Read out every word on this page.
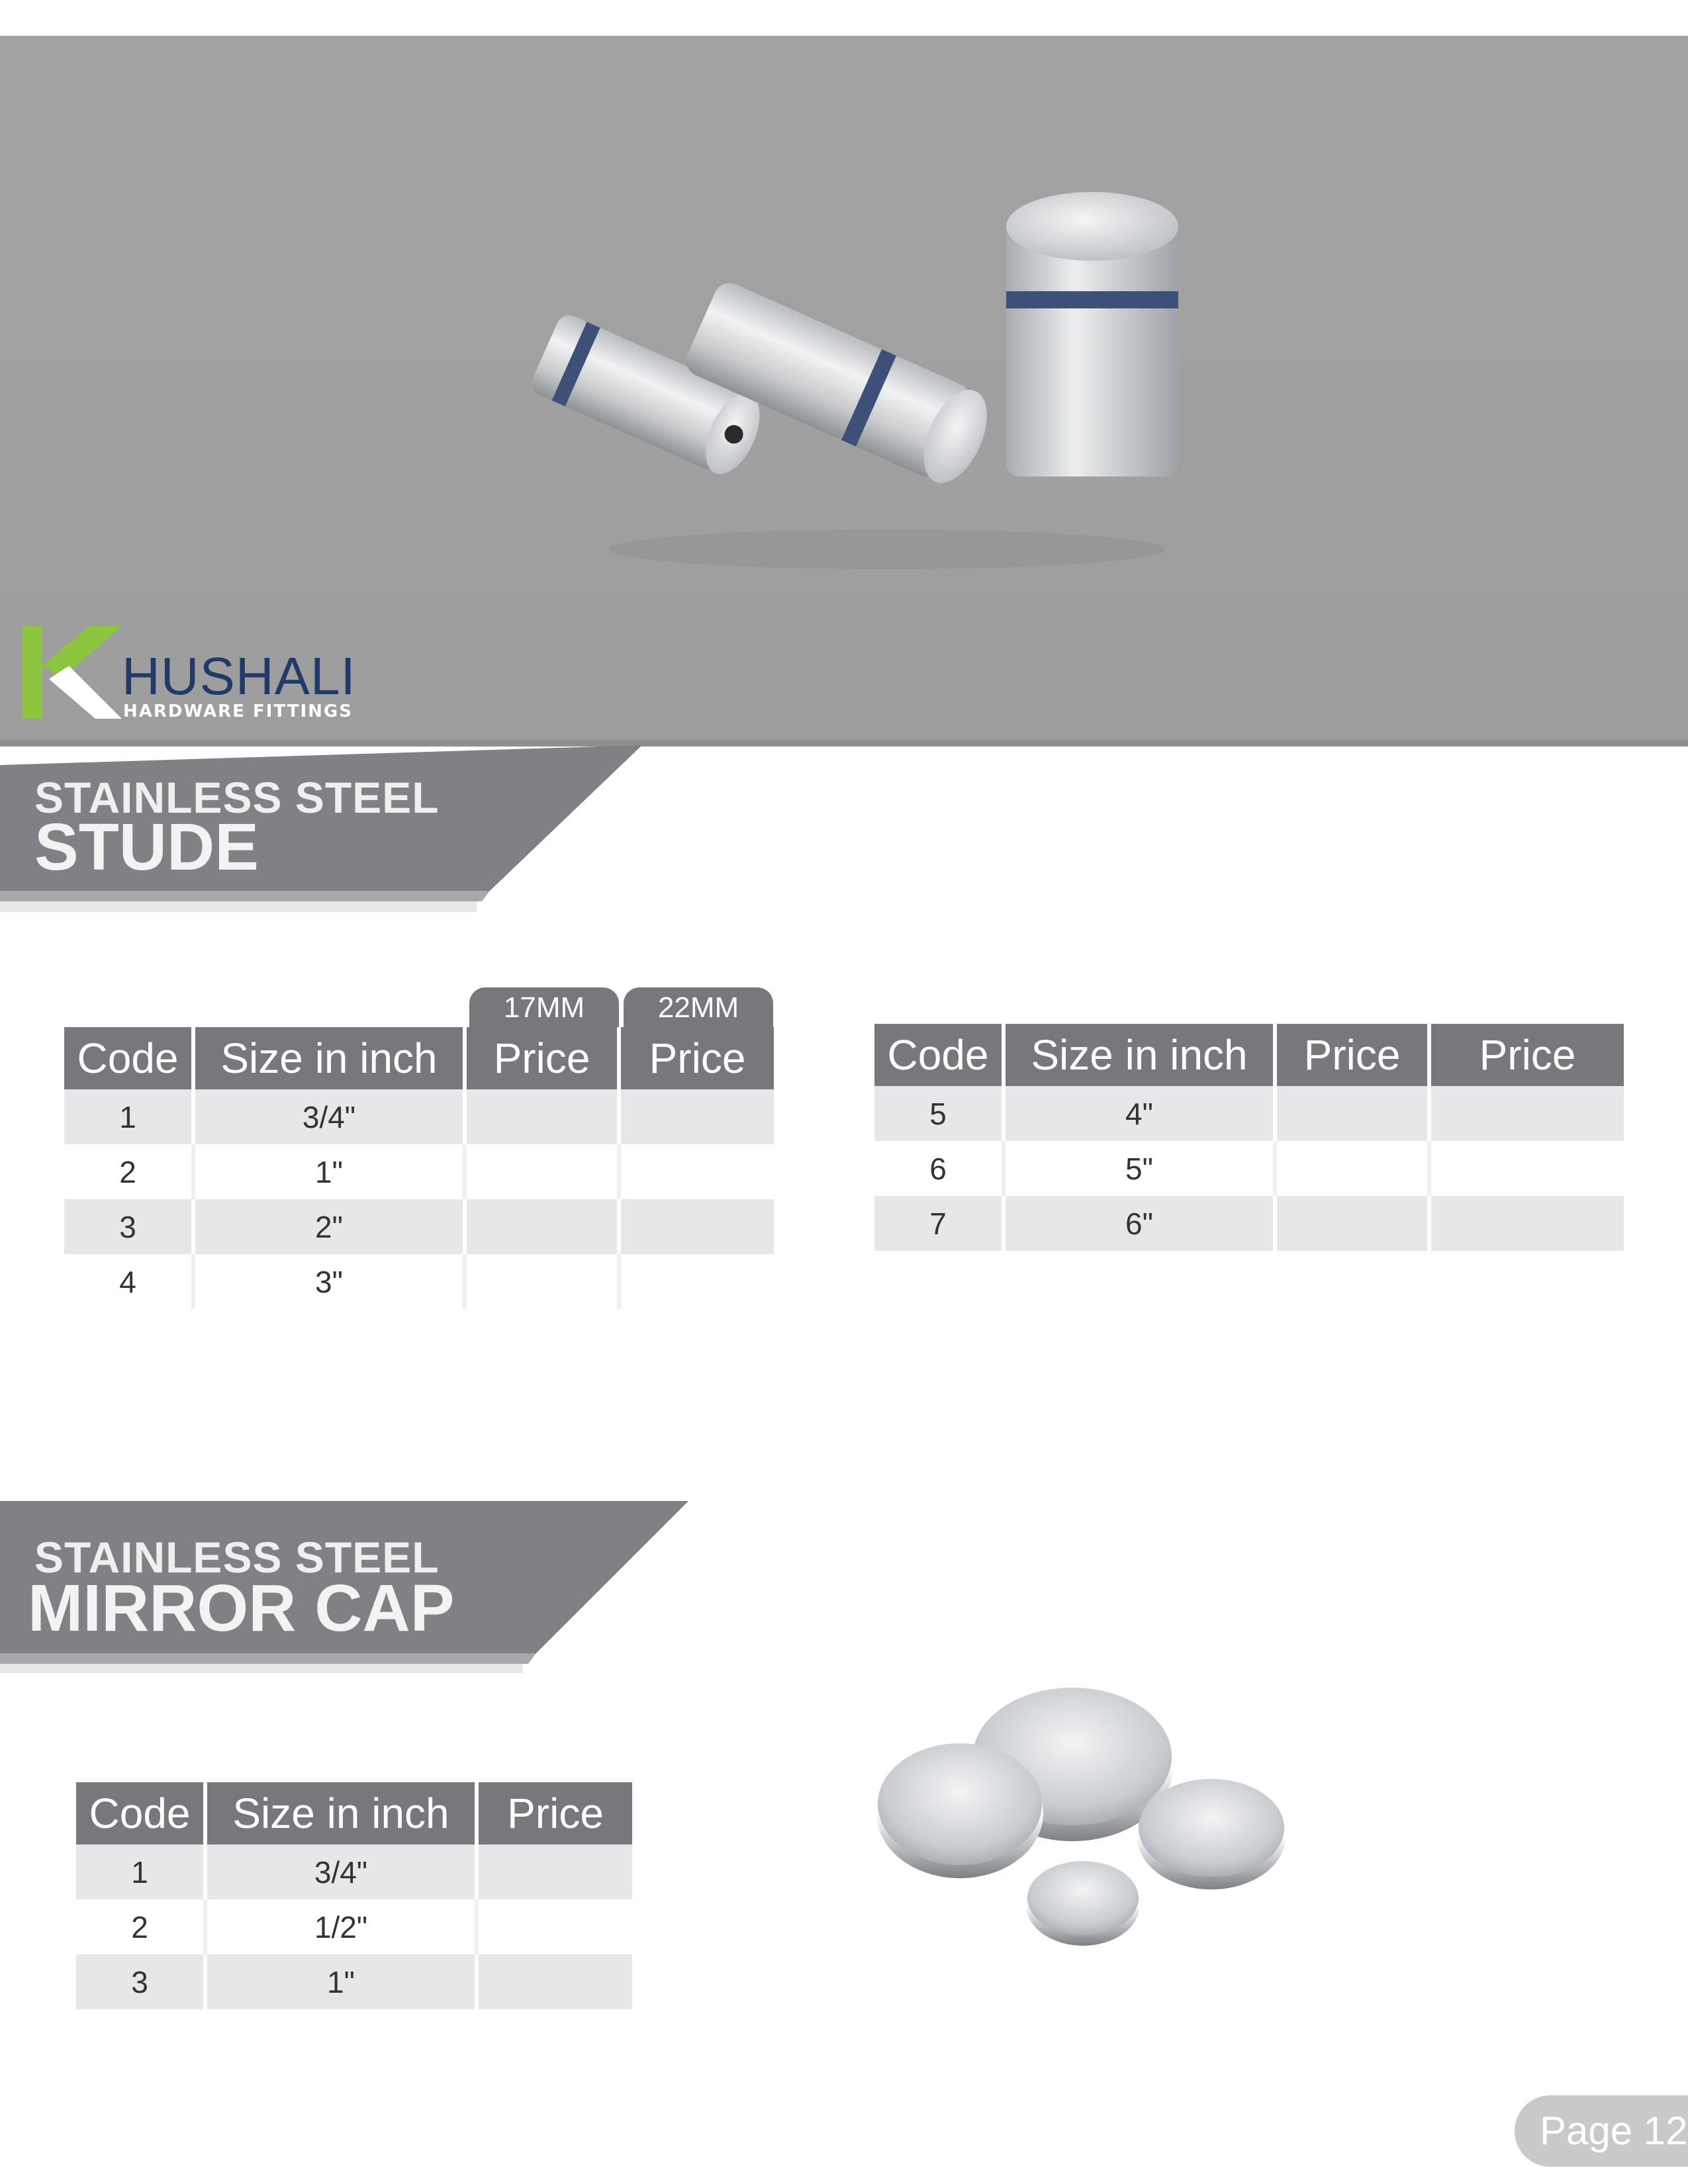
HUSHALI
HARDWARE FITTINGS
STAINLESS STEEL
STUDE
17MM	22MM
Code	Size in inch	Price	Price
1	3/4"		
2	1"		
3	2"		
4	3"		
Code	Size in inch	Price	Price
5	4"		
6	5"		
7	6"		
STAINLESS STEEL
MIRROR CAP
Code	Size in inch	Price
1	3/4"	
2	1/2"	
3	1"	
Page 12
